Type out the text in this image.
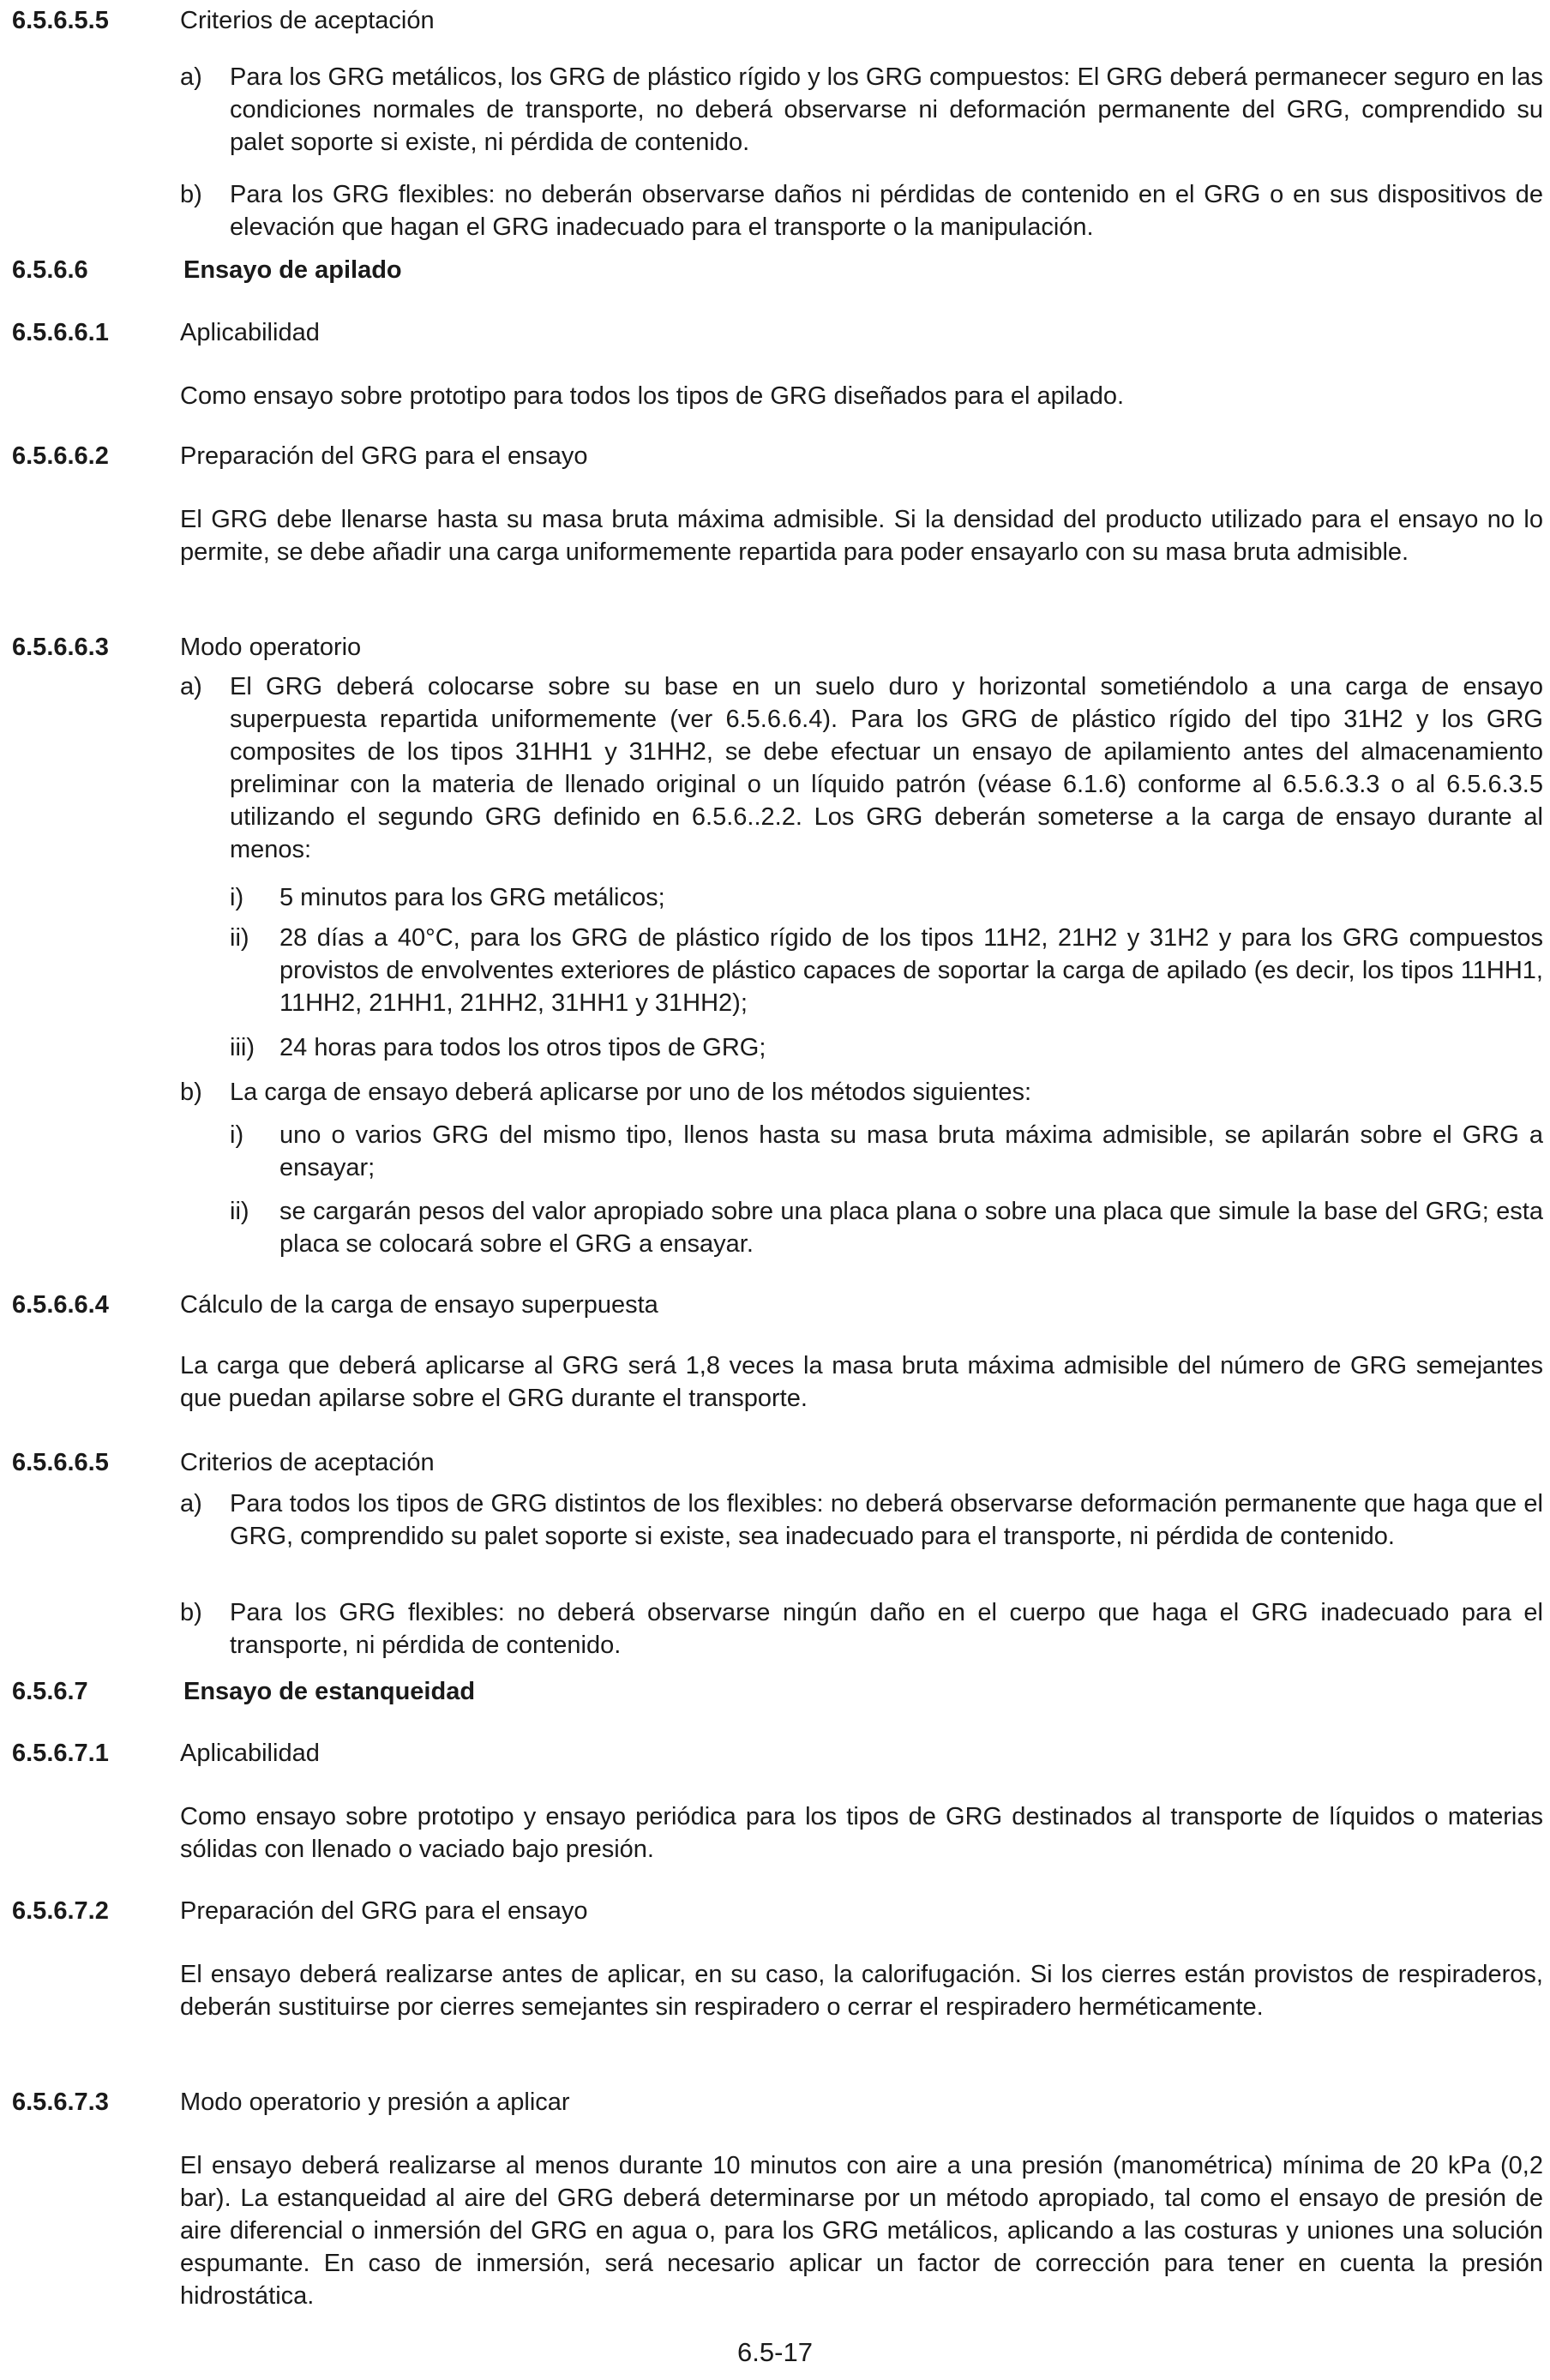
6.5.6.5.5	Criterios de aceptación
a) Para los GRG metálicos, los GRG de plástico rígido y los GRG compuestos: El GRG deberá permanecer seguro en las condiciones normales de transporte, no deberá observarse ni deformación permanente del GRG, comprendido su palet soporte si existe, ni pérdida de contenido.
b) Para los GRG flexibles: no deberán observarse daños ni pérdidas de contenido en el GRG o en sus dispositivos de elevación que hagan el GRG inadecuado para el transporte o la manipulación.
6.5.6.6	Ensayo de apilado
6.5.6.6.1	Aplicabilidad
Como ensayo sobre prototipo para todos los tipos de GRG diseñados para el apilado.
6.5.6.6.2	Preparación del GRG para el ensayo
El GRG debe llenarse hasta su masa bruta máxima admisible. Si la densidad del producto utilizado para el ensayo no lo permite, se debe añadir una carga uniformemente repartida para poder ensayarlo con su masa bruta admisible.
6.5.6.6.3	Modo operatorio
a) El GRG deberá colocarse sobre su base en un suelo duro y horizontal sometiéndolo a una carga de ensayo superpuesta repartida uniformemente (ver 6.5.6.6.4). Para los GRG de plástico rígido del tipo 31H2 y los GRG composites de los tipos 31HH1 y 31HH2, se debe efectuar un ensayo de apilamiento antes del almacenamiento preliminar con la materia de llenado original o un líquido patrón (véase 6.1.6) conforme al 6.5.6.3.3 o al 6.5.6.3.5 utilizando el segundo GRG definido en 6.5.6..2.2. Los GRG deberán someterse a la carga de ensayo durante al menos:
i) 5 minutos para los GRG metálicos;
ii) 28 días a 40°C, para los GRG de plástico rígido de los tipos 11H2, 21H2 y 31H2 y para los GRG compuestos provistos de envolventes exteriores de plástico capaces de soportar la carga de apilado (es decir, los tipos 11HH1, 11HH2, 21HH1, 21HH2, 31HH1 y 31HH2);
iii) 24 horas para todos los otros tipos de GRG;
b) La carga de ensayo deberá aplicarse por uno de los métodos siguientes:
i) uno o varios GRG del mismo tipo, llenos hasta su masa bruta máxima admisible, se apilarán sobre el GRG a ensayar;
ii) se cargarán pesos del valor apropiado sobre una placa plana o sobre una placa que simule la base del GRG; esta placa se colocará sobre el GRG a ensayar.
6.5.6.6.4	Cálculo de la carga de ensayo superpuesta
La carga que deberá aplicarse al GRG será 1,8 veces la masa bruta máxima admisible del número de GRG semejantes que puedan apilarse sobre el GRG durante el transporte.
6.5.6.6.5	Criterios de aceptación
a) Para todos los tipos de GRG distintos de los flexibles: no deberá observarse deformación permanente que haga que el GRG, comprendido su palet soporte si existe, sea inadecuado para el transporte, ni pérdida de contenido.
b) Para los GRG flexibles: no deberá observarse ningún daño en el cuerpo que haga el GRG inadecuado para el transporte, ni pérdida de contenido.
6.5.6.7	Ensayo de estanqueidad
6.5.6.7.1	Aplicabilidad
Como ensayo sobre prototipo y ensayo periódica para los tipos de GRG destinados al transporte de líquidos o materias sólidas con llenado o vaciado bajo presión.
6.5.6.7.2	Preparación del GRG para el ensayo
El ensayo deberá realizarse antes de aplicar, en su caso, la calorifugación. Si los cierres están provistos de respiraderos, deberán sustituirse por cierres semejantes sin respiradero o cerrar el respiradero herméticamente.
6.5.6.7.3	Modo operatorio y presión a aplicar
El ensayo deberá realizarse al menos durante 10 minutos con aire a una presión (manométrica) mínima de 20 kPa (0,2 bar). La estanqueidad al aire del GRG deberá determinarse por un método apropiado, tal como el ensayo de presión de aire diferencial o inmersión del GRG en agua o, para los GRG metálicos, aplicando a las costuras y uniones una solución espumante. En caso de inmersión, será necesario aplicar un factor de corrección para tener en cuenta la presión hidrostática.
6.5-17
